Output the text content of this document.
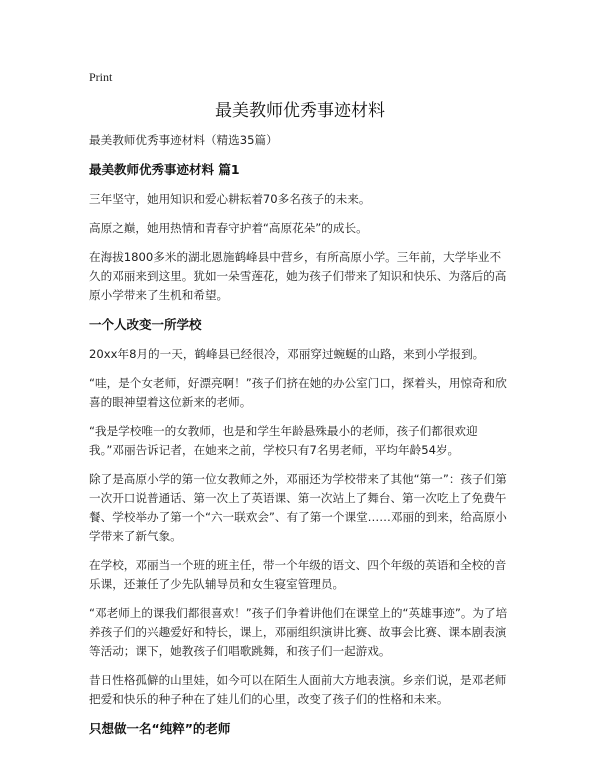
Print
最美教师优秀事迹材料

最美教师优秀事迹材料（精选35篇）

最美教师优秀事迹材料 篇1

三年坚守，她用知识和爱心耕耘着70多名孩子的未来。

高原之巅，她用热情和青春守护着“高原花朵”的成长。

在海拔1800多米的湖北恩施鹤峰县中营乡，有所高原小学。三年前，大学毕业不久的邓丽来到这里。犹如一朵雪莲花，她为孩子们带来了知识和快乐、为落后的高原小学带来了生机和希望。

一个人改变一所学校

20xx年8月的一天，鹤峰县已经很冷，邓丽穿过蜿蜒的山路，来到小学报到。

“哇，是个女老师，好漂亮啊！”孩子们挤在她的办公室门口，探着头，用惊奇和欣喜的眼神望着这位新来的老师。

“我是学校唯一的女教师，也是和学生年龄悬殊最小的老师，孩子们都很欢迎我。”邓丽告诉记者，在她来之前，学校只有7名男老师，平均年龄54岁。

除了是高原小学的第一位女教师之外，邓丽还为学校带来了其他“第一”：孩子们第一次开口说普通话、第一次上了英语课、第一次站上了舞台、第一次吃上了免费午餐、学校举办了第一个“六一联欢会”、有了第一个课堂……邓丽的到来，给高原小学带来了新气象。

在学校，邓丽当一个班的班主任，带一个年级的语文、四个年级的英语和全校的音乐课，还兼任了少先队辅导员和女生寝室管理员。

“邓老师上的课我们都很喜欢！”孩子们争着讲他们在课堂上的“英雄事迹”。为了培养孩子们的兴趣爱好和特长，课上，邓丽组织演讲比赛、故事会比赛、课本剧表演等活动；课下，她教孩子们唱歌跳舞，和孩子们一起游戏。

昔日性格孤僻的山里娃，如今可以在陌生人面前大方地表演。乡亲们说，是邓老师把爱和快乐的种子种在了娃儿们的心里，改变了孩子们的性格和未来。

只想做一名“纯粹”的老师
